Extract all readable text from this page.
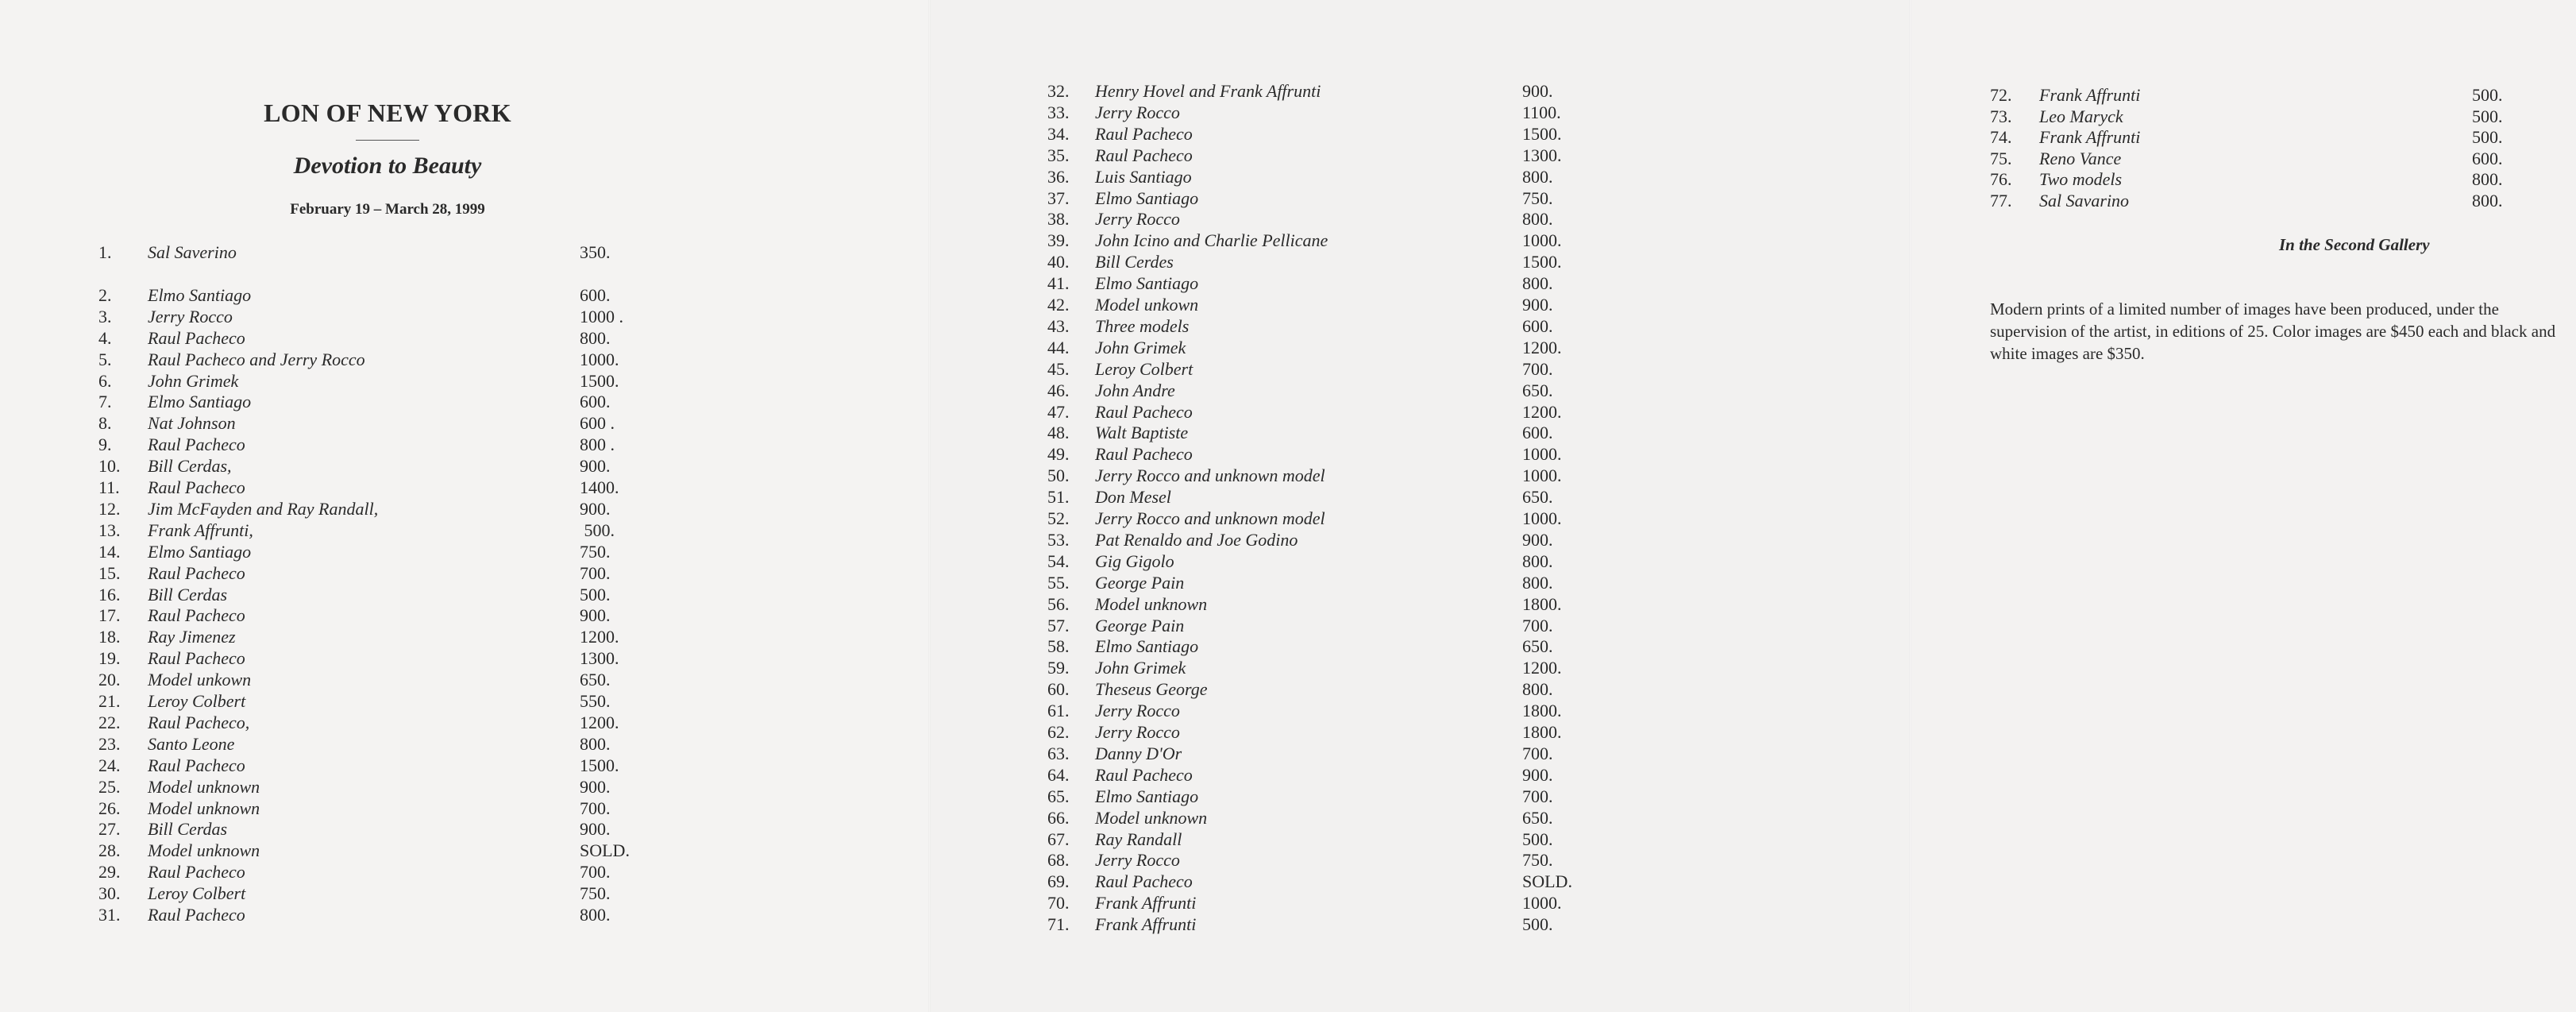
LON OF NEW YORK
Devotion to Beauty
February 19 – March 28, 1999
1. Sal Saverino	350.
2. Elmo Santiago	600.
3. Jerry Rocco	1000 .
4. Raul Pacheco	800.
5. Raul Pacheco and Jerry Rocco	1000.
6. John Grimek	1500.
7. Elmo Santiago	600.
8. Nat Johnson	600 .
9. Raul Pacheco	800 .
10. Bill Cerdas,	900.
11. Raul Pacheco	1400.
12. Jim McFayden and Ray Randall,	900.
13. Frank Affrunti,	500.
14. Elmo Santiago	750.
15. Raul Pacheco	700.
16. Bill Cerdas	500.
17. Raul Pacheco	900.
18. Ray Jimenez	1200.
19. Raul Pacheco	1300.
20. Model unkown	650.
21. Leroy Colbert	550.
22. Raul Pacheco,	1200.
23. Santo Leone	800.
24. Raul Pacheco	1500.
25. Model unknown	900.
26. Model unknown	700.
27. Bill Cerdas	900.
28. Model unknown	SOLD.
29. Raul Pacheco	700.
30. Leroy Colbert	750.
31. Raul Pacheco	800.
32. Henry Hovel and Frank Affrunti	900.
33. Jerry Rocco	1100.
34. Raul Pacheco	1500.
35. Raul Pacheco	1300.
36. Luis Santiago	800.
37. Elmo Santiago	750.
38. Jerry Rocco	800.
39. John Icino and Charlie Pellicane	1000.
40. Bill Cerdes	1500.
41. Elmo Santiago	800.
42. Model unkown	900.
43. Three models	600.
44. John Grimek	1200.
45. Leroy Colbert	700.
46. John Andre	650.
47. Raul Pacheco	1200.
48. Walt Baptiste	600.
49. Raul Pacheco	1000.
50. Jerry Rocco and unknown model	1000.
51. Don Mesel	650.
52. Jerry Rocco and unknown model	1000.
53. Pat Renaldo and Joe Godino	900.
54. Gig Gigolo	800.
55. George Pain	800.
56. Model unknown	1800.
57. George Pain	700.
58. Elmo Santiago	650.
59. John Grimek	1200.
60. Theseus George	800.
61. Jerry Rocco	1800.
62. Jerry Rocco	1800.
63. Danny D'Or	700.
64. Raul Pacheco	900.
65. Elmo Santiago	700.
66. Model unknown	650.
67. Ray Randall	500.
68. Jerry Rocco	750.
69. Raul Pacheco	SOLD.
70. Frank Affrunti	1000.
71. Frank Affrunti	500.
72. Frank Affrunti	500.
73. Leo Maryck	500.
74. Frank Affrunti	500.
75. Reno Vance	600.
76. Two models	800.
77. Sal Savarino	800.
In the Second Gallery
Modern prints of a limited number of images have been produced, under the supervision of the artist, in editions of 25. Color images are $450 each and black and white images are $350.
